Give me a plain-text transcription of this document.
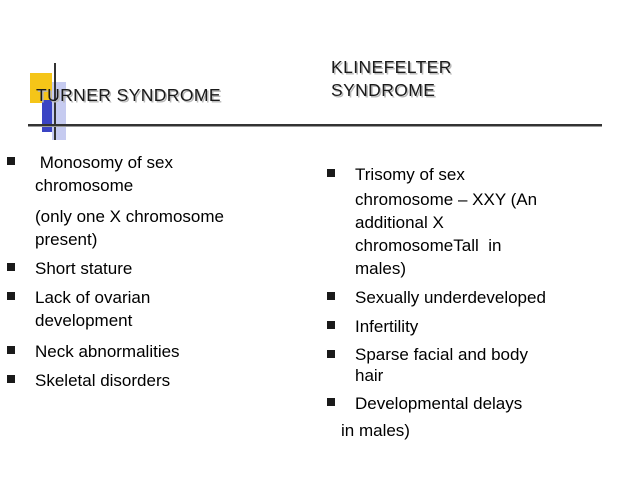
TURNER SYNDROME
KLINEFELTER
SYNDROME
Monosomy of sex
chromosome
(only one X chromosome
present)
Short stature
Lack of ovarian
development
Neck abnormalities
Skeletal disorders
Trisomy of sex
chromosome – XXY (An
additional X
chromosomeTall  in
males)
Sexually underdeveloped
Infertility
Sparse facial and body
hair
Developmental delays
in males)
